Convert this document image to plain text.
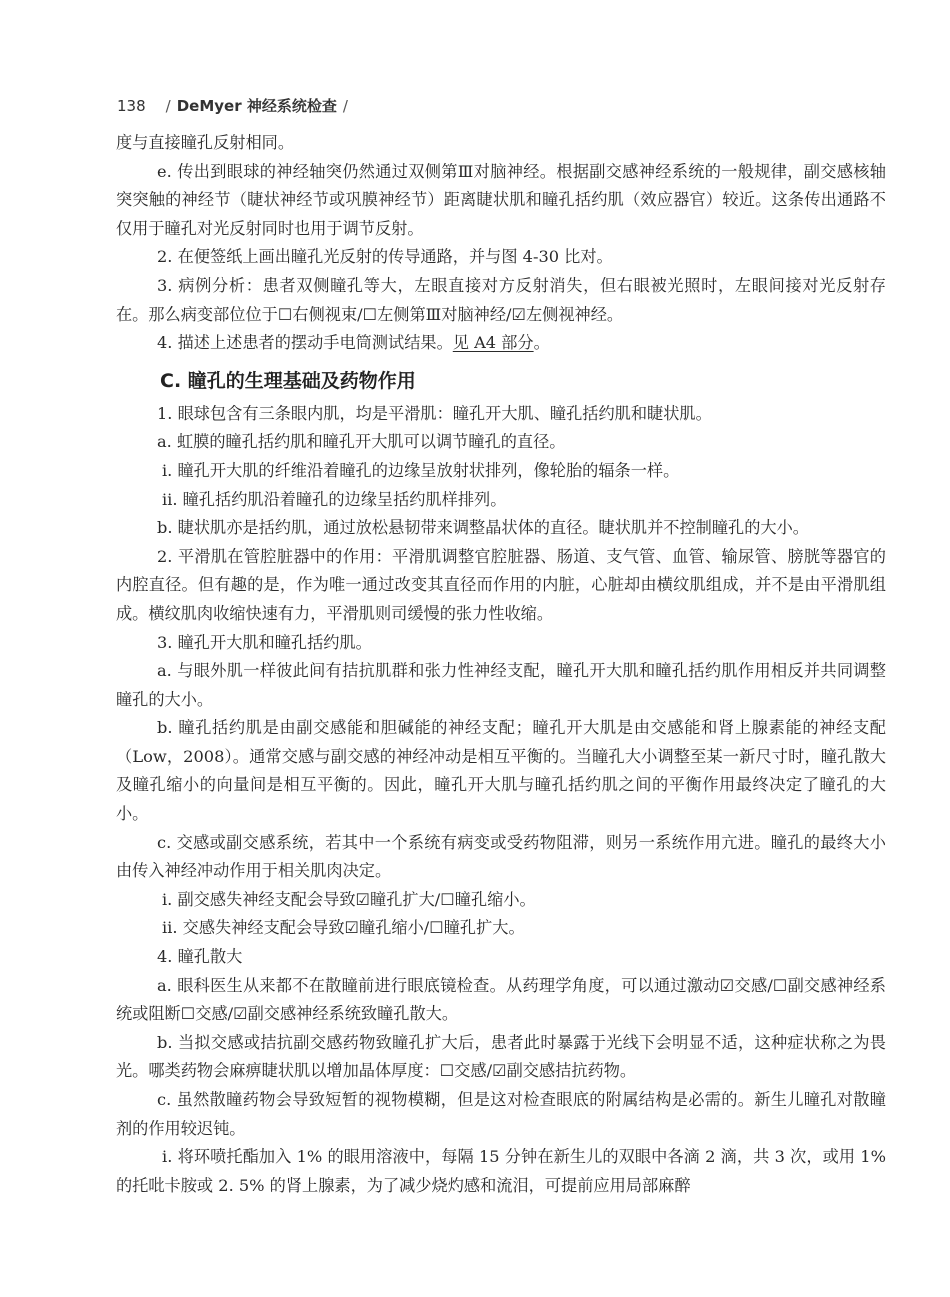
138 / DeMyer 神经系统检查 /

度与直接瞳孔反射相同。

e. 传出到眼球的神经轴突仍然通过双侧第Ⅲ对脑神经。根据副交感神经系统的一般规律，副交感核轴突突触的神经节（睫状神经节或巩膜神经节）距离睫状肌和瞳孔括约肌（效应器官）较近。这条传出通路不仅用于瞳孔对光反射同时也用于调节反射。

2. 在便签纸上画出瞳孔光反射的传导通路，并与图 4-30 比对。

3. 病例分析：患者双侧瞳孔等大，左眼直接对方反射消失，但右眼被光照时，左眼间接对光反射存在。那么病变部位位于☐右侧视束/☐左侧第Ⅲ对脑神经/☑左侧视神经。

4. 描述上述患者的摆动手电筒测试结果。见 A4 部分。

C. 瞳孔的生理基础及药物作用

1. 眼球包含有三条眼内肌，均是平滑肌：瞳孔开大肌、瞳孔括约肌和睫状肌。

a. 虹膜的瞳孔括约肌和瞳孔开大肌可以调节瞳孔的直径。

ⅰ. 瞳孔开大肌的纤维沿着瞳孔的边缘呈放射状排列，像轮胎的辐条一样。

ⅱ. 瞳孔括约肌沿着瞳孔的边缘呈括约肌样排列。

b. 睫状肌亦是括约肌，通过放松悬韧带来调整晶状体的直径。睫状肌并不控制瞳孔的大小。

2. 平滑肌在管腔脏器中的作用：平滑肌调整官腔脏器、肠道、支气管、血管、输尿管、膀胱等器官的内腔直径。但有趣的是，作为唯一通过改变其直径而作用的内脏，心脏却由横纹肌组成，并不是由平滑肌组成。横纹肌肉收缩快速有力，平滑肌则司缓慢的张力性收缩。

3. 瞳孔开大肌和瞳孔括约肌。

a. 与眼外肌一样彼此间有拮抗肌群和张力性神经支配，瞳孔开大肌和瞳孔括约肌作用相反并共同调整瞳孔的大小。

b. 瞳孔括约肌是由副交感能和胆碱能的神经支配；瞳孔开大肌是由交感能和肾上腺素能的神经支配（Low，2008）。通常交感与副交感的神经冲动是相互平衡的。当瞳孔大小调整至某一新尺寸时，瞳孔散大及瞳孔缩小的向量间是相互平衡的。因此，瞳孔开大肌与瞳孔括约肌之间的平衡作用最终决定了瞳孔的大小。

c. 交感或副交感系统，若其中一个系统有病变或受药物阻滞，则另一系统作用亢进。瞳孔的最终大小由传入神经冲动作用于相关肌肉决定。

ⅰ. 副交感失神经支配会导致☑瞳孔扩大/☐瞳孔缩小。

ⅱ. 交感失神经支配会导致☑瞳孔缩小/☐瞳孔扩大。

4. 瞳孔散大

a. 眼科医生从来都不在散瞳前进行眼底镜检查。从药理学角度，可以通过激动☑交感/☐副交感神经系统或阻断☐交感/☑副交感神经系统致瞳孔散大。

b. 当拟交感或拮抗副交感药物致瞳孔扩大后，患者此时暴露于光线下会明显不适，这种症状称之为畏光。哪类药物会麻痹睫状肌以增加晶体厚度：☐交感/☑副交感拮抗药物。

c. 虽然散瞳药物会导致短暂的视物模糊，但是这对检查眼底的附属结构是必需的。新生儿瞳孔对散瞳剂的作用较迟钝。

ⅰ. 将环喷托酯加入 1% 的眼用溶液中，每隔 15 分钟在新生儿的双眼中各滴 2 滴，共 3 次，或用 1% 的托吡卡胺或 2. 5% 的肾上腺素，为了减少烧灼感和流泪，可提前应用局部麻醉
